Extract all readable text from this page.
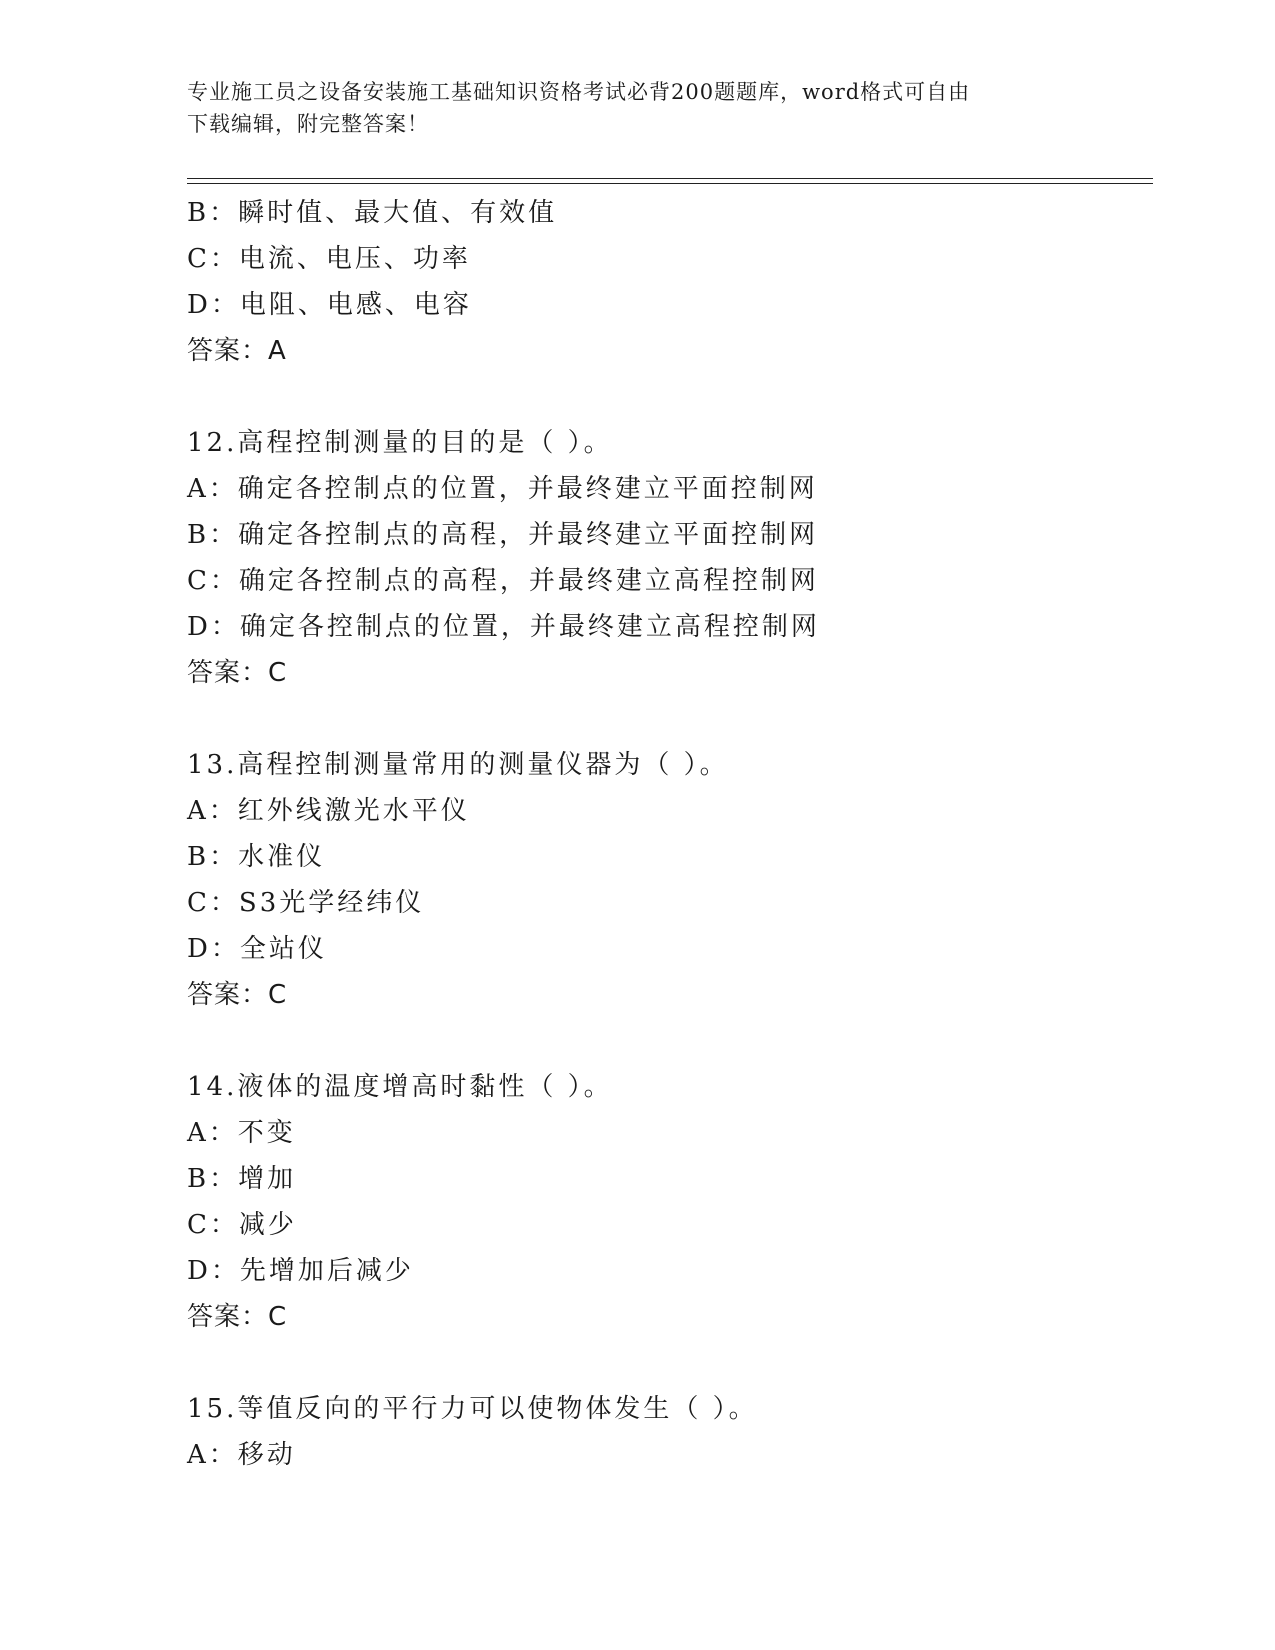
专业施工员之设备安装施工基础知识资格考试必背200题题库，word格式可自由
下载编辑，附完整答案！
B：瞬时值、最大值、有效值
C：电流、电压、功率
D：电阻、电感、电容
答案：A
12.高程控制测量的目的是（ ）。
A：确定各控制点的位置，并最终建立平面控制网
B：确定各控制点的高程，并最终建立平面控制网
C：确定各控制点的高程，并最终建立高程控制网
D：确定各控制点的位置，并最终建立高程控制网
答案：C
13.高程控制测量常用的测量仪器为（ ）。
A：红外线激光水平仪
B：水准仪
C：S3光学经纬仪
D：全站仪
答案：C
14.液体的温度增高时黏性（ ）。
A：不变
B：增加
C：减少
D：先增加后减少
答案：C
15.等值反向的平行力可以使物体发生（ ）。
A：移动
